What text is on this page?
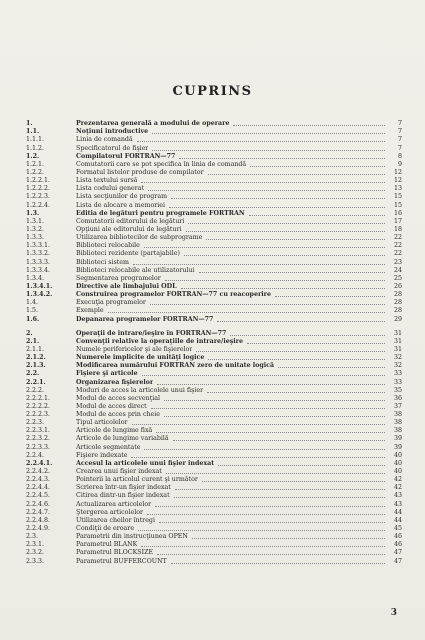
CUPRINS
1.	Prezentarea generală a modului de operare	7
1.1.	Noţiuni introductive	7
1.1.1.	Linia de comandă	7
1.1.2.	Specificatorul de fişier	7
1.2.	Compilatorul FORTRAN—77	8
1.2.1.	Comutatorii care se pot specifica în linia de comandă	9
1.2.2.	Formatul listelor produse de compilator	12
1.2.2.1.	Lista textului sursă	12
1.2.2.2.	Lista codului generat	13
1.2.2.3.	Lista secţiunilor de program	15
1.2.2.4.	Lista de alocare a memoriei	15
1.3.	Editia de legături pentru programele FORTRAN	16
1.3.1.	Comutatorii editorului de legături	17
1.3.2.	Opţiuni ale editorului de legături	18
1.3.3.	Utilizarea bibliotecilor de subprograme	22
1.3.3.1.	Biblioteci relocabile	22
1.3.3.2.	Biblioteci rezidente (partajabile)	22
1.3.3.3.	Biblioteci sistem	23
1.3.3.4.	Biblioteci relocabile ale utilizatorului	24
1.3.4.	Segmentarea programelor	25
1.3.4.1.	Directive ale limbajului ODL	26
1.3.4.2.	Construirea programelor FORTRAN—77 cu reacoperire	28
1.4.	Execuţia programelor	28
1.5.	Exemple	28
1.6.	Depanarea programelor FORTRAN—77	29
2.	Operaţii de intrare/ieşire în FORTRAN—77	31
2.1.	Convenţii relative la operaţiile de intrare/ieşire	31
2.1.1.	Numele perifericelor şi ale fişierelor	31
2.1.2.	Numerele implicite de unităţi logice	32
2.1.3.	Modificarea numărului FORTRAN zero de unitate logică	32
2.2.	Fişiere şi articole	33
2.2.1.	Organizarea fişierelor	33
2.2.2.	Moduri de acces la articolele unui fişier	35
2.2.2.1.	Modul de acces secvenţial	36
2.2.2.2.	Modul de acces direct	37
2.2.2.3.	Modul de acces prin cheie	38
2.2.3.	Tipul articolelor	38
2.2.3.1.	Articole de lungime fixă	38
2.2.3.2.	Articole de lungime variabilă	39
2.2.3.3.	Articole segmentate	39
2.2.4.	Fişiere indexate	40
2.2.4.1.	Accesul la articolele unui fişier indexat	40
2.2.4.2.	Crearea unui fişier indexat	40
2.2.4.3.	Pointerii la articolul curent şi următor	42
2.2.4.4.	Scrierea într-un fişier indexat	42
2.2.4.5.	Citirea dintr-un fişier indexat	43
2.2.4.6.	Actualizarea articolelor	43
2.2.4.7.	Ştergerea articolelor	44
2.2.4.8.	Utilizarea cheilor întregi	44
2.2.4.9.	Condiţii de eroare	45
2.3.	Parametrii din instrucţiunea OPEN	46
2.3.1.	Parametrul BLANK	46
2.3.2.	Parametrul BLOCKSIZE	47
2.3.3.	Parametrul BUFFERCOUNT	47
3
